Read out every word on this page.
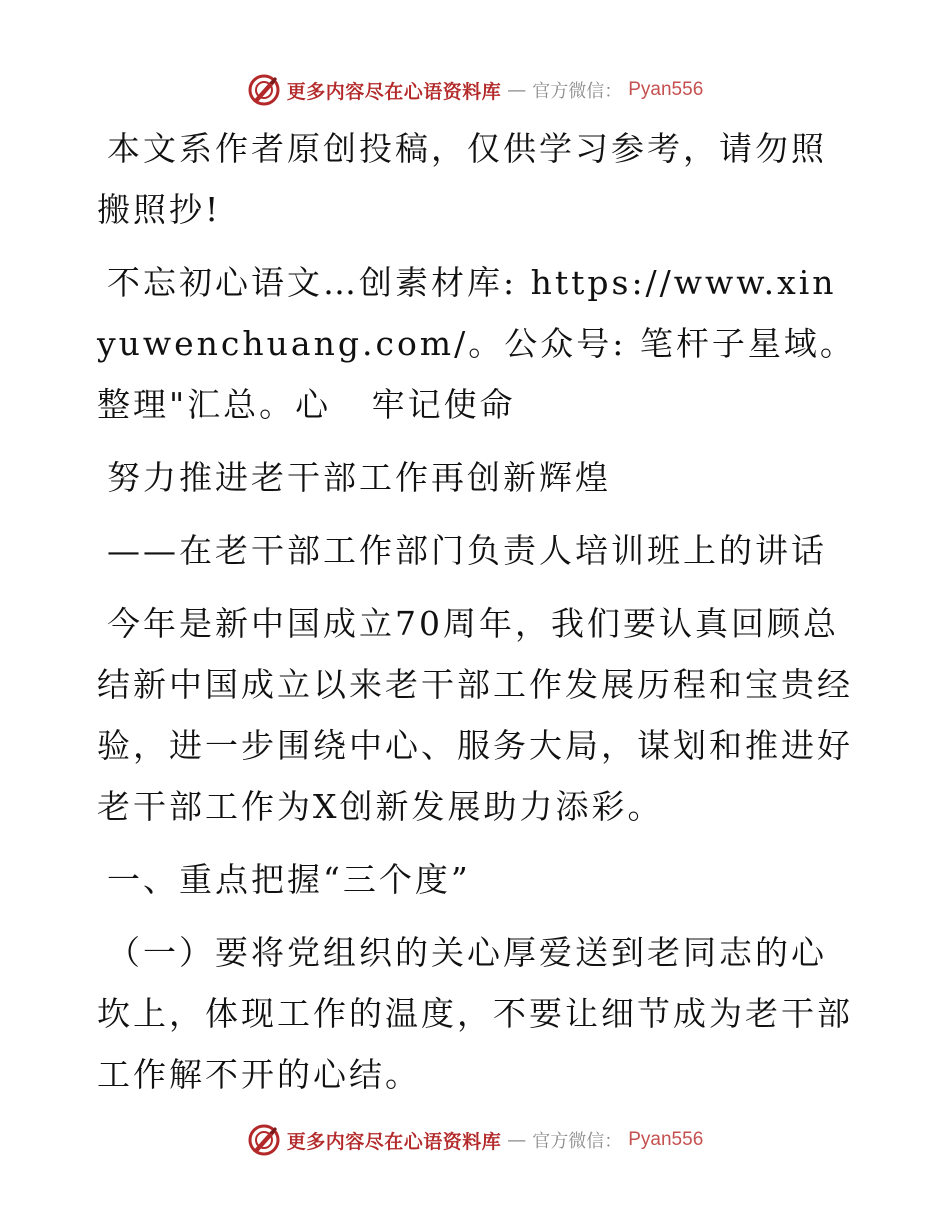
更多内容尽在心语资料库 — 官方微信： Pyan556

本文系作者原创投稿，仅供学习参考，请勿照搬照抄!

不忘初心语文…创素材库: https://www.xinyuwenchuang.com/。公众号: 笔杆子星域。整理"汇总。心   牢记使命

努力推进老干部工作再创新辉煌

——在老干部工作部门负责人培训班上的讲话

今年是新中国成立70周年，我们要认真回顾总结新中国成立以来老干部工作发展历程和宝贵经验，进一步围绕中心、服务大局，谋划和推进好老干部工作为X创新发展助力添彩。

一、重点把握“三个度”

（一）要将党组织的关心厚爱送到老同志的心坎上，体现工作的温度，不要让细节成为老干部工作解不开的心结。

更多内容尽在心语资料库 — 官方微信： Pyan556
